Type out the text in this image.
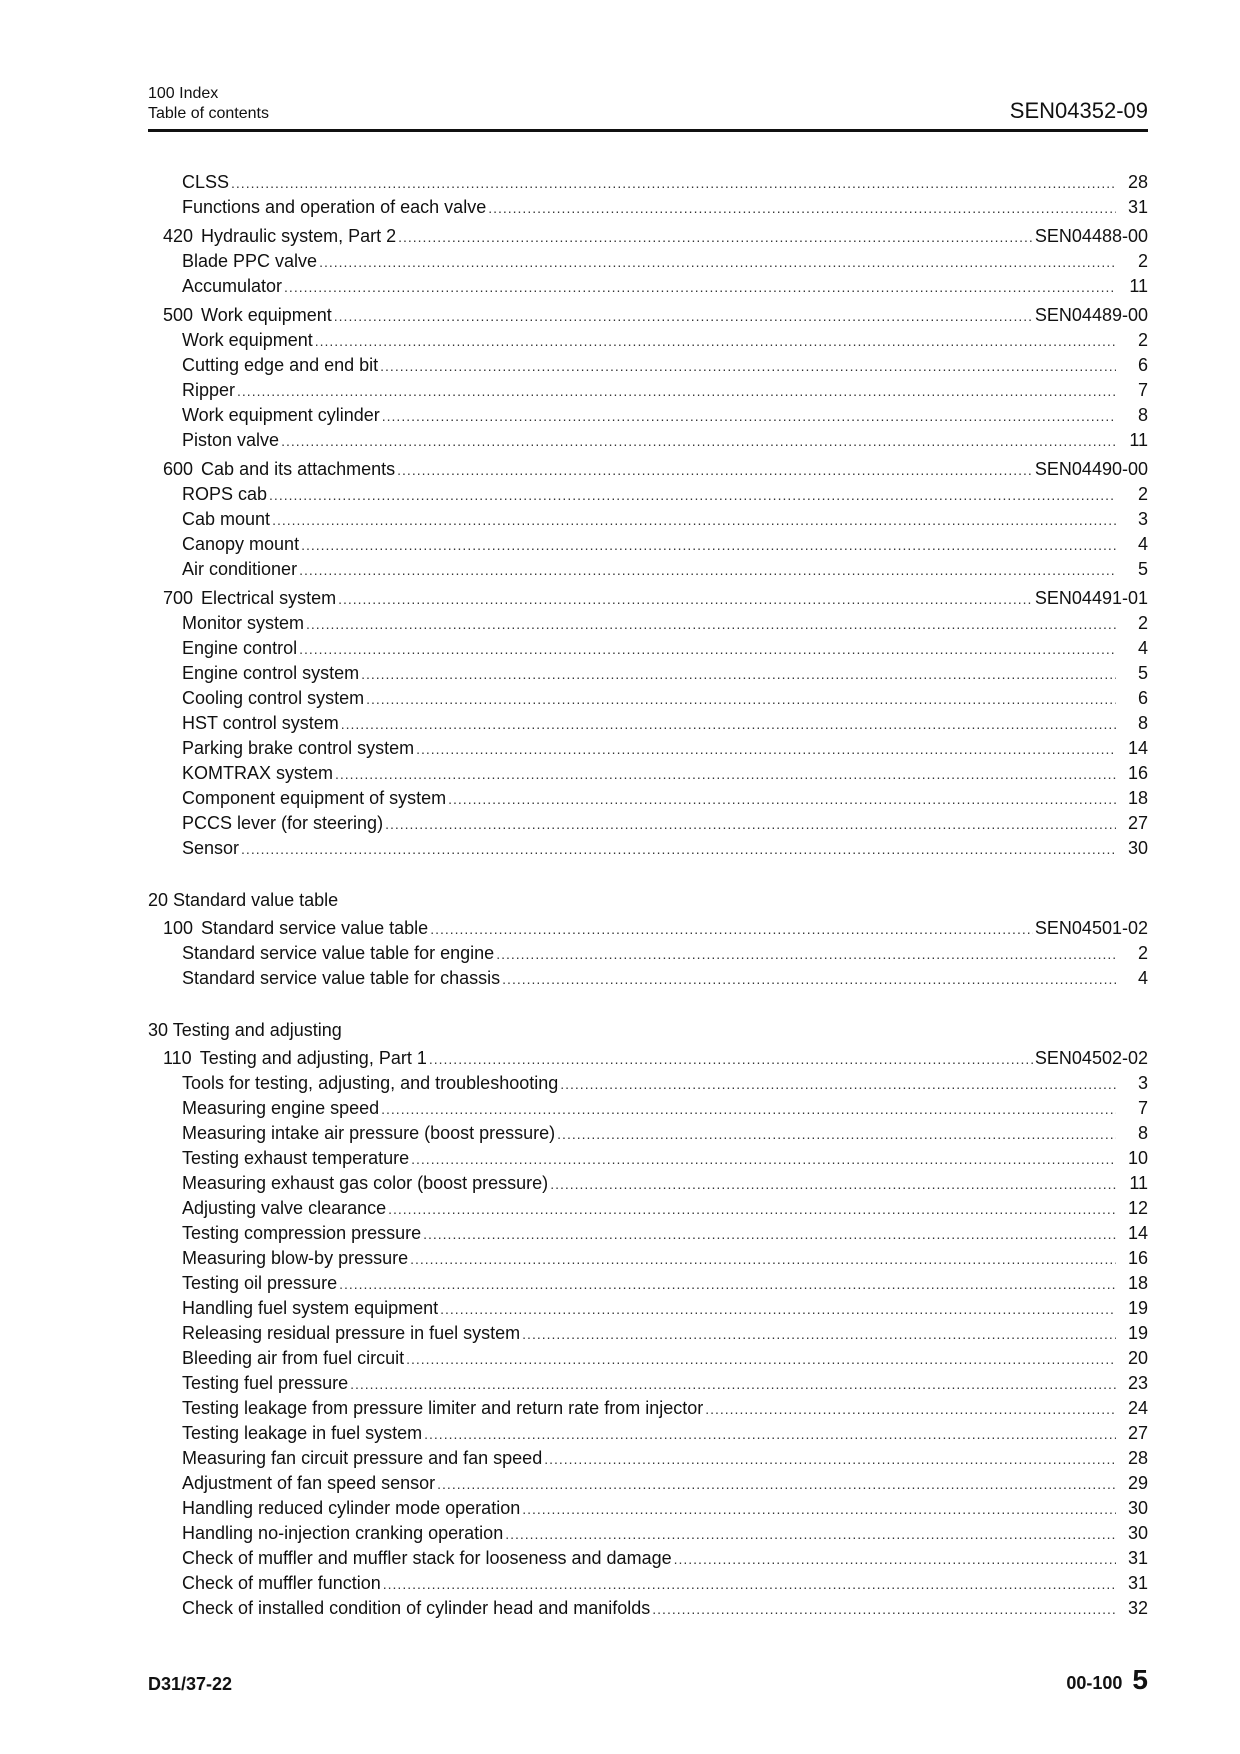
100 Index
Table of contents	SEN04352-09
CLSS .....	28
Functions and operation of each valve .....	31
420 Hydraulic system, Part 2 .....	SEN04488-00
Blade PPC valve .....	2
Accumulator .....	11
500 Work equipment .....	SEN04489-00
Work equipment .....	2
Cutting edge and end bit .....	6
Ripper .....	7
Work equipment cylinder .....	8
Piston valve .....	11
600 Cab and its attachments .....	SEN04490-00
ROPS cab .....	2
Cab mount .....	3
Canopy mount .....	4
Air conditioner .....	5
700 Electrical system .....	SEN04491-01
Monitor system .....	2
Engine control .....	4
Engine control system .....	5
Cooling control system .....	6
HST control system .....	8
Parking brake control system .....	14
KOMTRAX system .....	16
Component equipment of system .....	18
PCCS lever (for steering) .....	27
Sensor .....	30
20 Standard value table
100 Standard service value table .....	SEN04501-02
Standard service value table for engine .....	2
Standard service value table for chassis .....	4
30 Testing and adjusting
110 Testing and adjusting, Part 1 .....	SEN04502-02
Tools for testing, adjusting, and troubleshooting .....	3
Measuring engine speed .....	7
Measuring intake air pressure (boost pressure) .....	8
Testing exhaust temperature .....	10
Measuring exhaust gas color (boost pressure) .....	11
Adjusting valve clearance .....	12
Testing compression pressure .....	14
Measuring blow-by pressure .....	16
Testing oil pressure .....	18
Handling fuel system equipment .....	19
Releasing residual pressure in fuel system .....	19
Bleeding air from fuel circuit .....	20
Testing fuel pressure .....	23
Testing leakage from pressure limiter and return rate from injector .....	24
Testing leakage in fuel system .....	27
Measuring fan circuit pressure and fan speed .....	28
Adjustment of fan speed sensor .....	29
Handling reduced cylinder mode operation .....	30
Handling no-injection cranking operation .....	30
Check of muffler and muffler stack for looseness and damage .....	31
Check of muffler function .....	31
Check of installed condition of cylinder head and manifolds .....	32
D31/37-22	00-100 5
